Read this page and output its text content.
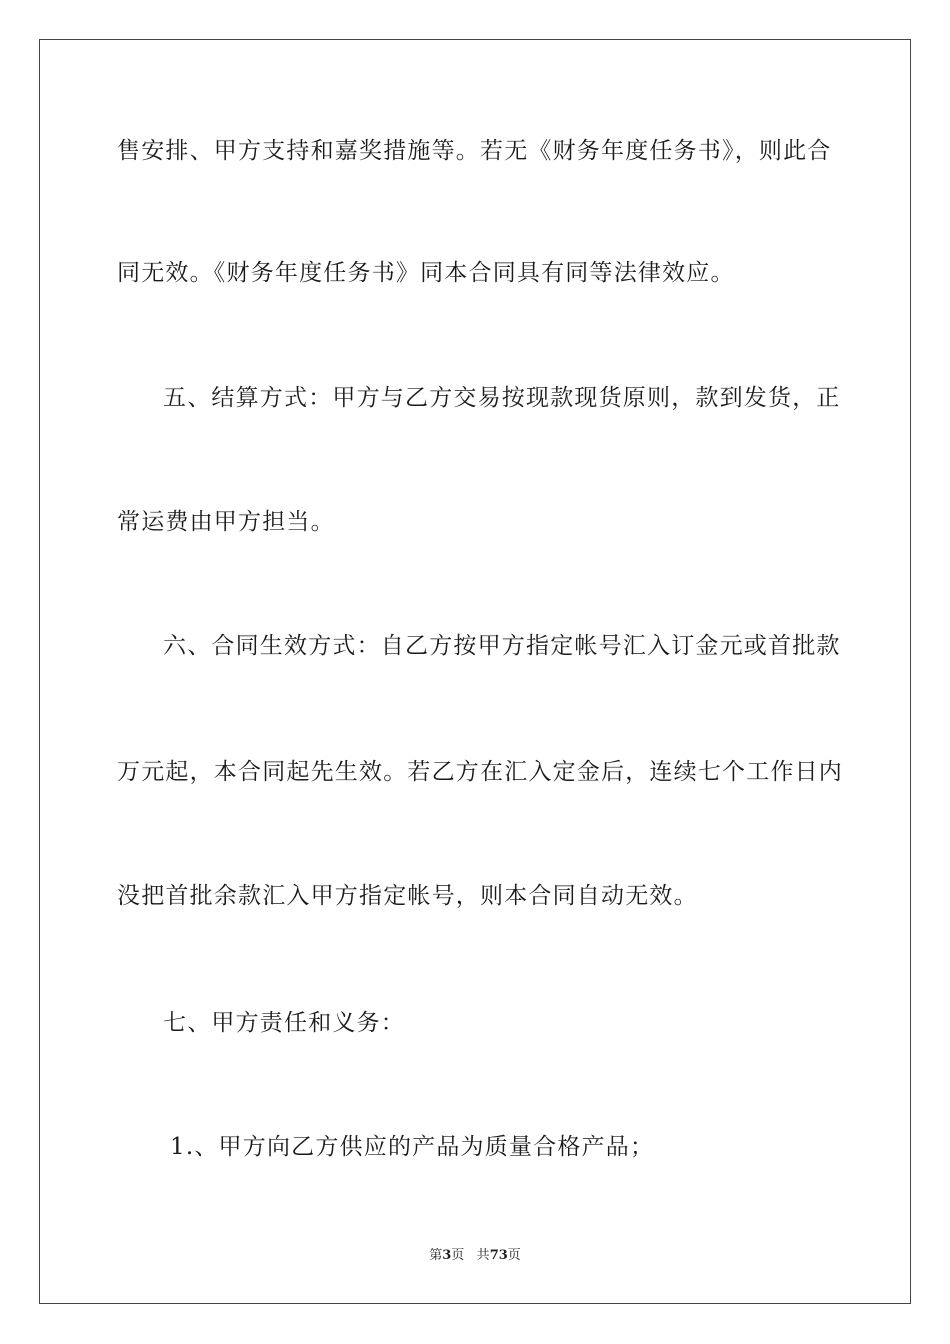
售安排、甲方支持和嘉奖措施等。若无《财务年度任务书》，则此合
同无效。《财务年度任务书》同本合同具有同等法律效应。
五、结算方式：甲方与乙方交易按现款现货原则，款到发货，正
常运费由甲方担当。
六、合同生效方式：自乙方按甲方指定帐号汇入订金元或首批款
万元起，本合同起先生效。若乙方在汇入定金后，连续七个工作日内
没把首批余款汇入甲方指定帐号，则本合同自动无效。
七、甲方责任和义务：
1.、甲方向乙方供应的产品为质量合格产品；
第3页 共73页
